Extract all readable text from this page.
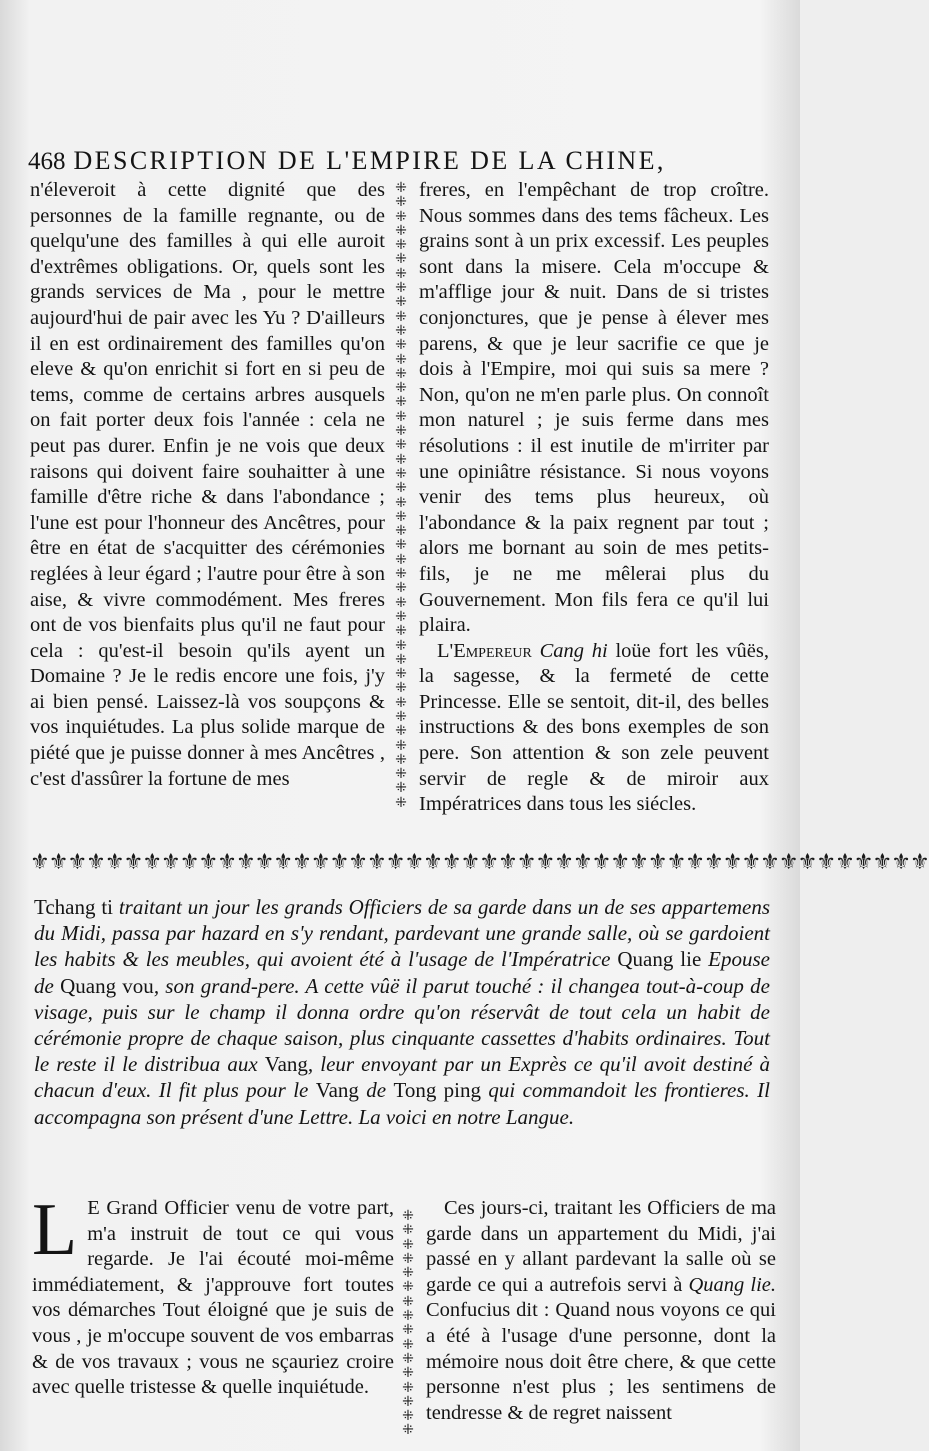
468 DESCRIPTION DE L'EMPIRE DE LA CHINE,

n'éleveroit à cette dignité que des personnes de la famille regnante, ou de quelqu'une des familles à qui elle auroit d'extrêmes obligations. Or, quels sont les grands services de Ma , pour le mettre aujourd'hui de pair avec les Yu ? D'ailleurs il en est ordinairement des familles qu'on eleve & qu'on enrichit si fort en si peu de tems, comme de certains arbres ausquels on fait porter deux fois l'année : cela ne peut pas durer. Enfin je ne vois que deux raisons qui doivent faire souhaitter à une famille d'être riche & dans l'abondance ; l'une est pour l'honneur des Ancêtres, pour être en état de s'acquitter des cérémonies reglées à leur égard ; l'autre pour être à son aise, & vivre commodément. Mes freres ont de vos bienfaits plus qu'il ne faut pour cela : qu'est-il besoin qu'ils ayent un Domaine ? Je le redis encore une fois, j'y ai bien pensé. Laissez-là vos soupçons & vos inquiétudes. La plus solide marque de piété que je puisse donner à mes Ancêtres , c'est d'assûrer la fortune de mes

⁜
⁜
⁜
⁜
⁜
⁜
⁜
⁜
⁜
⁜
⁜
⁜
⁜
⁜
⁜
⁜
⁜
⁜
⁜
⁜
⁜
⁜
⁜
⁜
⁜
⁜
⁜
⁜
⁜
⁜
⁜
⁜
⁜
⁜
⁜
⁜
⁜
⁜
⁜
⁜
⁜
⁜
⁜
⁜

freres, en l'empêchant de trop croître. Nous sommes dans des tems fâcheux. Les grains sont à un prix excessif. Les peuples sont dans la misere. Cela m'occupe & m'afflige jour & nuit. Dans de si tristes conjonctures, que je pense à élever mes parens, & que je leur sacrifie ce que je dois à l'Empire, moi qui suis sa mere ? Non, qu'on ne m'en parle plus. On connoît mon naturel ; je suis ferme dans mes résolutions : il est inutile de m'irriter par une opiniâtre résistance. Si nous voyons venir des tems plus heureux, où l'abondance & la paix regnent par tout ; alors me bornant au soin de mes petits-fils, je ne me mêlerai plus du Gouvernement. Mon fils fera ce qu'il lui plaira.

L'Empereur Cang hi loüe fort les vûës, la sagesse, & la fermeté de cette Princesse. Elle se sentoit, dit-il, des belles instructions & des bons exemples de son pere. Son attention & son zele peuvent servir de regle & de miroir aux Impératrices dans tous les siécles.

⚜⚜⚜⚜⚜⚜⚜⚜⚜⚜⚜⚜⚜⚜⚜⚜⚜⚜⚜⚜⚜⚜⚜⚜⚜⚜⚜⚜⚜⚜⚜⚜⚜⚜⚜⚜⚜⚜⚜⚜⚜⚜⚜⚜⚜⚜⚜⚜
Tchang ti traitant un jour les grands Officiers de sa garde dans un de ses appartemens du Midi, passa par hazard en s'y rendant, pardevant une grande salle, où se gardoient les habits & les meubles, qui avoient été à l'usage de l'Impératrice Quang lie Epouse de Quang vou, son grand-pere. A cette vûë il parut touché : il changea tout-à-coup de visage, puis sur le champ il donna ordre qu'on réservât de tout cela un habit de cérémonie propre de chaque saison, plus cinquante cassettes d'habits ordinaires. Tout le reste il le distribua aux Vang, leur envoyant par un Exprès ce qu'il avoit destiné à chacun d'eux. Il fit plus pour le Vang de Tong ping qui commandoit les frontieres. Il accompagna son présent d'une Lettre. La voici en notre Langue.

L E Grand Officier venu de votre part, m'a instruit de tout ce qui vous regarde. Je l'ai écouté moi-même immédiatement, & j'approuve fort toutes vos démarches Tout éloigné que je suis de vous , je m'occupe souvent de vos embarras & de vos travaux ; vous ne sçauriez croire avec quelle tristesse & quelle inquiétude.

⁜
⁜
⁜
⁜
⁜
⁜
⁜
⁜
⁜
⁜
⁜
⁜
⁜
⁜
⁜
⁜

Ces jours-ci, traitant les Officiers de ma garde dans un appartement du Midi, j'ai passé en y allant pardevant la salle où se garde ce qui a autrefois servi à Quang lie. Confucius dit : Quand nous voyons ce qui a été à l'usage d'une personne, dont la mémoire nous doit être chere, & que cette personne n'est plus ; les sentimens de tendresse & de regret naissent
